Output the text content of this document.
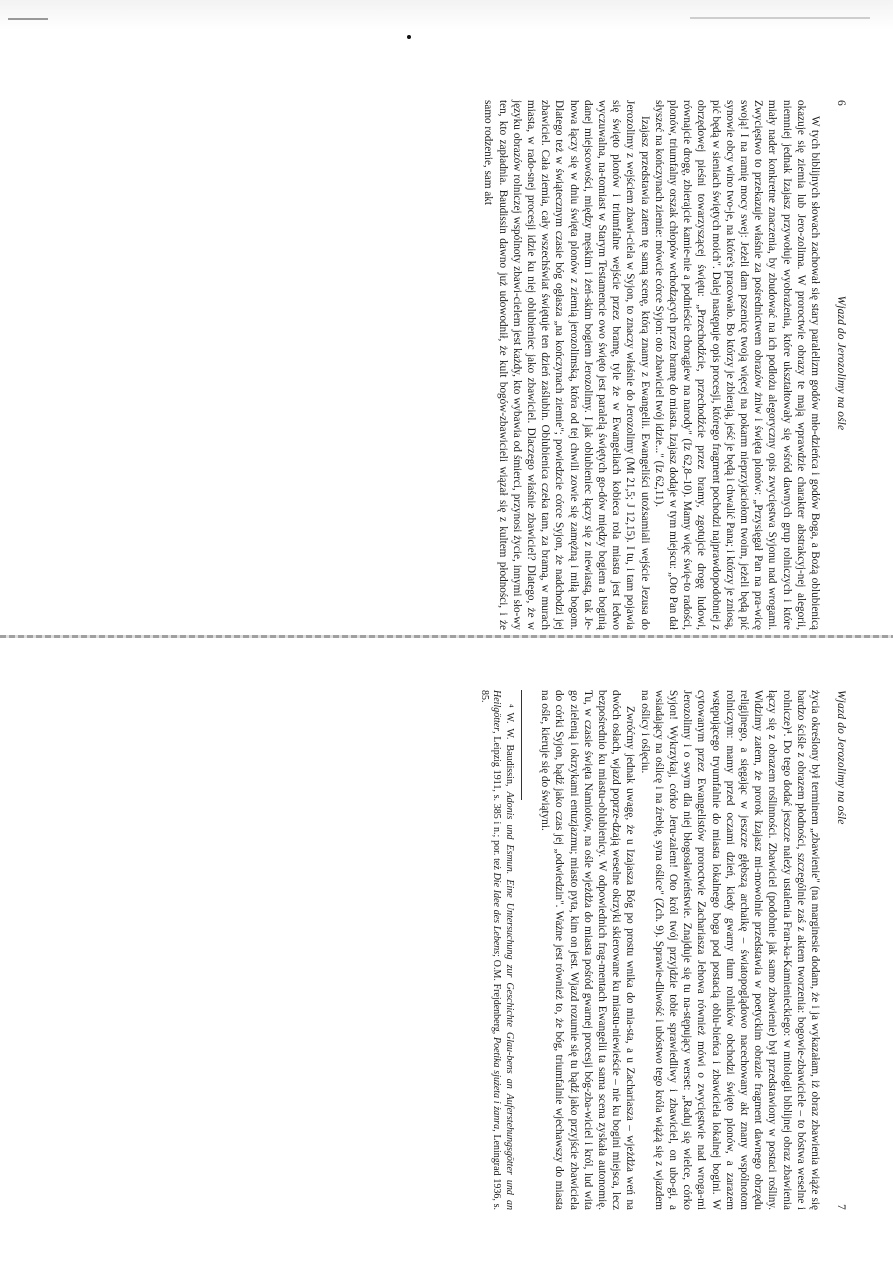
6
Wjazd do Jerozolimy na ośle

W tych biblijnych słowach zachował się stary paralelizm godów mło-dzieńca i godów Boga, a Bożą oblubienicą okazuje się ziemia lub Jero-zolima. W proroctwie obrazy te mają wprawdzie charakter abstrakcyj-nej alegorii, niemniej jednak Izajasz przywołuje wyobrażenia, które ukształtowały się wśród dawnych grup rolniczych i które miały nader konkretne znaczenia, by zbudować na ich podłożu alegoryczny opis zwycięstwa Syjonu nad wrogami. Zwycięstwo to przekazuje właśnie za pośrednictwem obrazów żniw i święta plonów: „Przysięgał Pan na pra-wicę swoją! I na ramię mocy swej: Jeżeli dam pszenicę twoją więcej na pokarm nieprzyjaciołom twoim, jeżeli będą pić synowie obcy wino two-je, na które's pracowało. Bo którzy je zbierają, jeść je będą i chwalić Pana; i którzy je zniosą, pić będą w sieniach świętych moich". Dalej następuje opis procesji, którego fragment pochodzi najprawdopodobniej z obrzędowej pieśni towarzyszącej świętu: „Przechodźcie, przechodźcie przez bramy, zgotujcie drogę ludowi, równajcie drogę, zbierajcie kamie-nie a podnieście chorągiew na narody" (Iz 62,8–10). Mamy więc świę-to radości, plonów, triumfalny orszak chłopów wchodzących przez bramę do miasta. Izajasz dodaje w tym miejscu: „Oto Pan dał słyszeć na kończynach ziemie: mówcie córce Syjon: oto zbawiciel twój idzie..." (Iz 62,11).

Izajasz przedstawia zatem tę samą scenę, którą znamy z Ewangelii. Ewangeliści utożsamiali wejście Jezusa do Jerozolimy z wejściem zbawi-ciela w Syjon, to znaczy właśnie do Jerozolimy (Mt 21,5; J 12,15). I tu, i tam pojawia się święto plonów i triumfalne wejście przez bramę, tyle że w Ewangeliach kobieca rola miasta jest ledwo wyczuwalna, na-tomiast w Starym Testamencie owo święto jest paralelą świętych go-dów między bogiem a boginią danej miejscowości, między męskim i żeń-skim bogiem Jerozolimy. I jak oblubieniec łączy się z niewiastą, tak Je-howa łączy się w dniu święta plonów z ziemią jerozolimską, która od tej chwili zowie się zamężną i miłą bogom. Dlatego też w świątecznym czasie bóg ogłasza „na kończynach ziemie"; powiedzcie córce Syjon, że nadchodzi jej zbawiciel. Cała ziemia, cały wszechświat świętuje ten dzień zaślubin. Oblubienica czeka tam, za bramą, w murach miasta, w rado-snej procesji idzie ku niej oblubieniec jako zbawiciel. Dlaczego właśnie zbawiciel? Dlatego, że w języku obrazów rolniczej wspólnoty zbawi-cielem jest każdy, kto wybawia od śmierci, przynosi życie, innymi sło-wy ten, kto zapładnia. Baudissin dawno już udowodnił, że kult bogów-zbawicieli wiązał się z kultem płodności, i że samo rodzenie, sam akt

Wjazd do Jerozolimy na ośle
7

życia określony był terminem „zbawienie" (na marginesie dodam, że i ja wykazałam, iż obraz zbawienia wiąże się bardzo ściśle z obrazem płodności, szczególnie zaś z aktem tworzenia: bogowie-zbawiciele – to bóstwa weselne i rolnicze)⁴. Do tego dodać jeszcze należy ustalenia Fran-ka-Kamienieckiego: w mitologii biblijnej obraz zbawienia łączy się z obrazem roślinności. Zbawiciel (podobnie jak samo zbawienie) był przedstawiony w postaci rośliny. Widzimy zatem, że prorok Izajasz mi-mowolnie przedstawia w poetyckim obrazie fragment dawnego obrzędu religijnego, a sięgając w jeszcze głębszą archaikę – światopoglądowo nacechowany akt znany wspólnotom rolniczym: mamy przed oczami dzień, kiedy gwarny tłum rolników obchodzi święto plonów, a zarazem wstępującego tryumfalnie do miasta lokalnego boga pod postacią oblu-bieńca i zbawiciela lokalnej bogini. W cytowanym przez Ewangelistów proroctwie Zachariasza Jehowa również mówi o zwycięstwie nad wroga-mi Jerozolimy i o swym dla niej błogosławieństwie. Znajduje się tu na-stępujący werset: „Raduj się wielce, córko Syjon! Wykrzykaj, córko Jeru-zalem! Oto król twój przyjdzie tobie sprawiedliwy i zbawiciel, on ubo-gi, a wsiadający na oślicę i na źrebię, syna oślice" (Zch. 9). Sprawie-dliwość i ubóstwo tego króla wiążą się z wjazdem na oślicy i oślęciu.

Zwróćmy jednak uwagę, że u Izajasza Bóg po prostu wnika do mia-sta, a u Zachariasza – wjeżdża weń na dwóch osłach, wjazd poprze-dzają weselne okrzyki skierowane ku miastu-niewieście – nie ku bogini miejsca, lecz bezpośrednio ku miastu-oblubienicy. W odpowiednich frag-mentach Ewangelii ta sama scena zyskała autonomię. Tu, w czasie święta Namiotów, na ośle wjeżdża do miasta pośród gwarnej procesji bóg-zba-wiciel i król, lud wita go zielenią i okrzykami entuzjazmu; miasto pyta, kim on jest. Wjazd rozumie się tu bądź jako przyjście zbawiciela do córki Syjon, bądź jako czas jej „odwiedzin". Ważne jest również to, że bóg, triumfalnie wjechawszy do miasta na ośle, kieruje się do świątyni.

⁴ W. W. Baudissin, Adonis und Esmun. Eine Untersuchung zur Geschichte Glau-bens an Auferstehungsgötter und an Heilgötter, Leipzig 1911, s. 385 i n.; por. też Die Idee des Lebens; O.M. Frejdenberg, Poetika sjużeta i żanra, Leningrad 1936, s. 85.
